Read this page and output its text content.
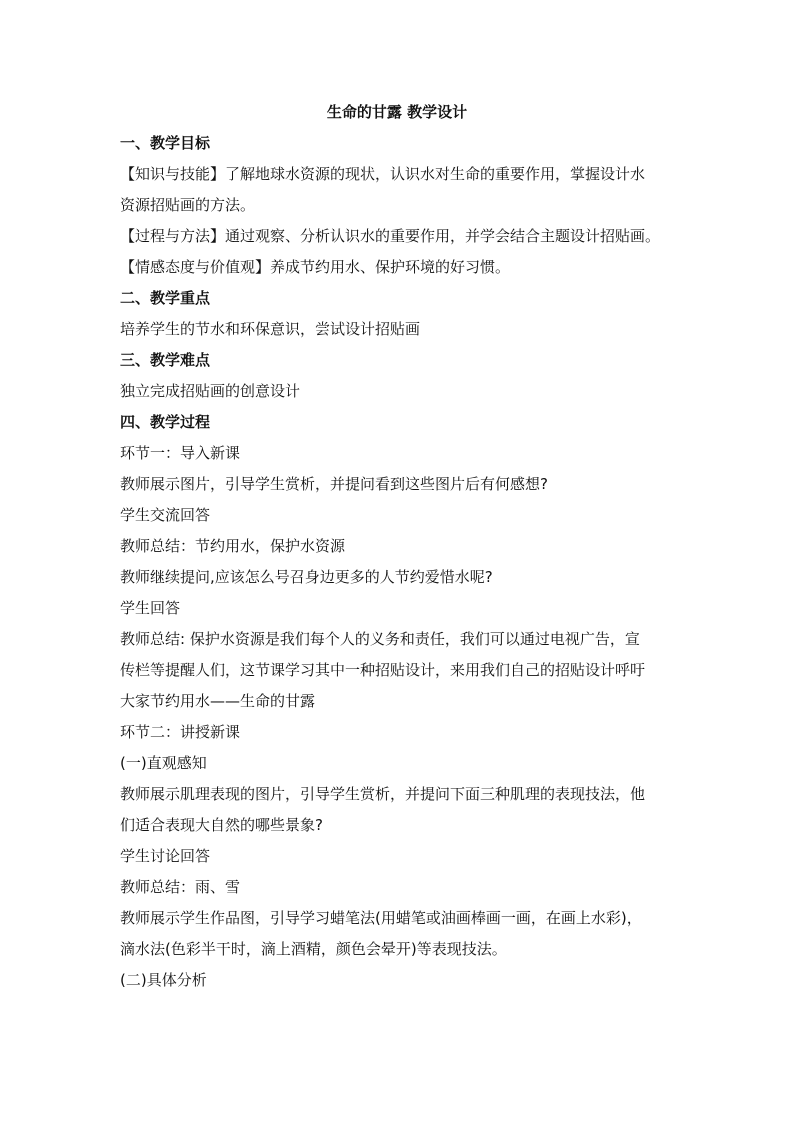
生命的甘露 教学设计
一、教学目标
【知识与技能】了解地球水资源的现状，认识水对生命的重要作用，掌握设计水
资源招贴画的方法。
【过程与方法】通过观察、分析认识水的重要作用，并学会结合主题设计招贴画。
【情感态度与价值观】养成节约用水、保护环境的好习惯。
二、教学重点
培养学生的节水和环保意识，尝试设计招贴画
三、教学难点
独立完成招贴画的创意设计
四、教学过程
环节一：导入新课
教师展示图片，引导学生赏析，并提问看到这些图片后有何感想?
学生交流回答
教师总结：节约用水，保护水资源
教师继续提问,应该怎么号召身边更多的人节约爱惜水呢?
学生回答
教师总结: 保护水资源是我们每个人的义务和责任，我们可以通过电视广告，宣
传栏等提醒人们，这节课学习其中一种招贴设计，来用我们自己的招贴设计呼吁
大家节约用水——生命的甘露
环节二：讲授新课
(一)直观感知
教师展示肌理表现的图片，引导学生赏析，并提问下面三种肌理的表现技法，他
们适合表现大自然的哪些景象?
学生讨论回答
教师总结：雨、雪
教师展示学生作品图，引导学习蜡笔法(用蜡笔或油画棒画一画，在画上水彩)，
滴水法(色彩半干时，滴上酒精，颜色会晕开)等表现技法。
(二)具体分析
